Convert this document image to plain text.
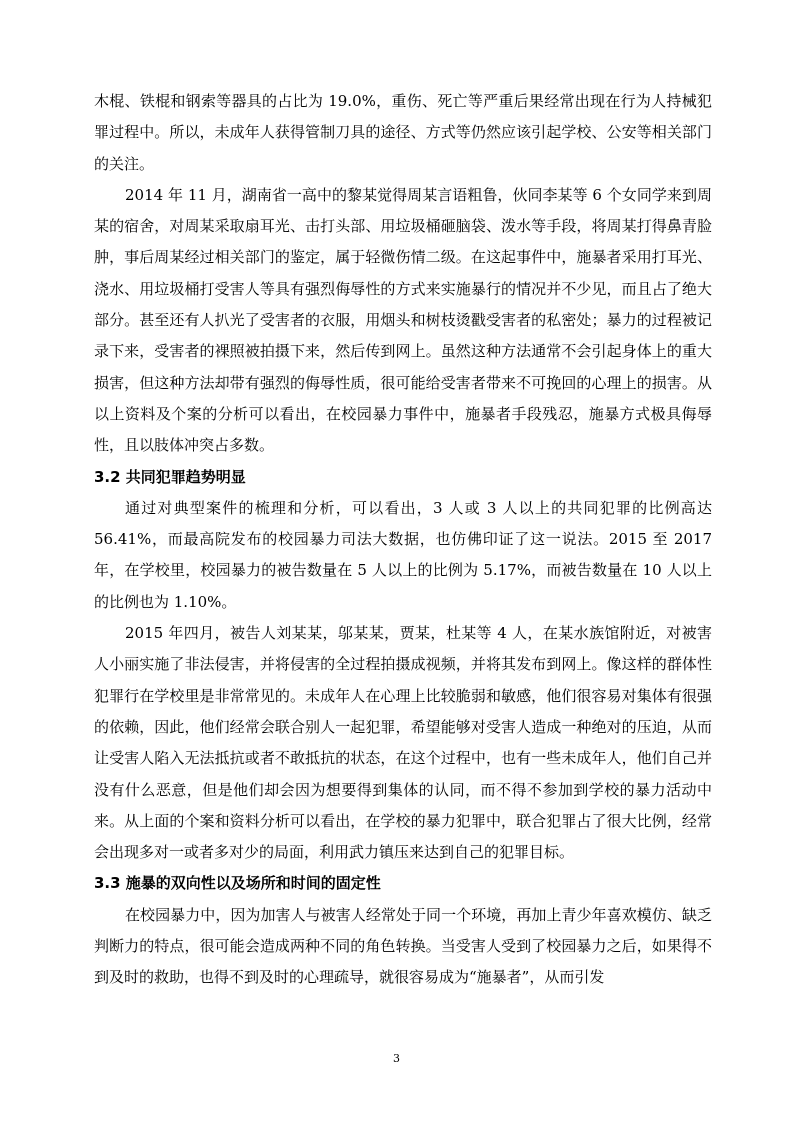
木棍、铁棍和钢索等器具的占比为 19.0%，重伤、死亡等严重后果经常出现在行为人持械犯罪过程中。所以，未成年人获得管制刀具的途径、方式等仍然应该引起学校、公安等相关部门的关注。

2014 年 11 月，湖南省一高中的黎某觉得周某言语粗鲁，伙同李某等 6 个女同学来到周某的宿舍，对周某采取扇耳光、击打头部、用垃圾桶砸脑袋、泼水等手段，将周某打得鼻青脸肿，事后周某经过相关部门的鉴定，属于轻微伤情二级。在这起事件中，施暴者采用打耳光、浇水、用垃圾桶打受害人等具有强烈侮辱性的方式来实施暴行的情况并不少见，而且占了绝大部分。甚至还有人扒光了受害者的衣服，用烟头和树枝烫戳受害者的私密处；暴力的过程被记录下来，受害者的裸照被拍摄下来，然后传到网上。虽然这种方法通常不会引起身体上的重大损害，但这种方法却带有强烈的侮辱性质，很可能给受害者带来不可挽回的心理上的损害。从以上资料及个案的分析可以看出，在校园暴力事件中，施暴者手段残忍，施暴方式极具侮辱性，且以肢体冲突占多数。

3.2 共同犯罪趋势明显

通过对典型案件的梳理和分析，可以看出，3 人或 3 人以上的共同犯罪的比例高达 56.41%，而最高院发布的校园暴力司法大数据，也仿佛印证了这一说法。2015 至 2017 年，在学校里，校园暴力的被告数量在 5 人以上的比例为 5.17%，而被告数量在 10 人以上的比例也为 1.10%。

2015 年四月，被告人刘某某，邬某某，贾某，杜某等 4 人，在某水族馆附近，对被害人小丽实施了非法侵害，并将侵害的全过程拍摄成视频，并将其发布到网上。像这样的群体性犯罪行在学校里是非常常见的。未成年人在心理上比较脆弱和敏感，他们很容易对集体有很强的依赖，因此，他们经常会联合别人一起犯罪，希望能够对受害人造成一种绝对的压迫，从而让受害人陷入无法抵抗或者不敢抵抗的状态，在这个过程中，也有一些未成年人，他们自己并没有什么恶意，但是他们却会因为想要得到集体的认同，而不得不参加到学校的暴力活动中来。从上面的个案和资料分析可以看出，在学校的暴力犯罪中，联合犯罪占了很大比例，经常会出现多对一或者多对少的局面，利用武力镇压来达到自己的犯罪目标。

3.3 施暴的双向性以及场所和时间的固定性

在校园暴力中，因为加害人与被害人经常处于同一个环境，再加上青少年喜欢模仿、缺乏判断力的特点，很可能会造成两种不同的角色转换。当受害人受到了校园暴力之后，如果得不到及时的救助，也得不到及时的心理疏导，就很容易成为“施暴者”，从而引发

3
